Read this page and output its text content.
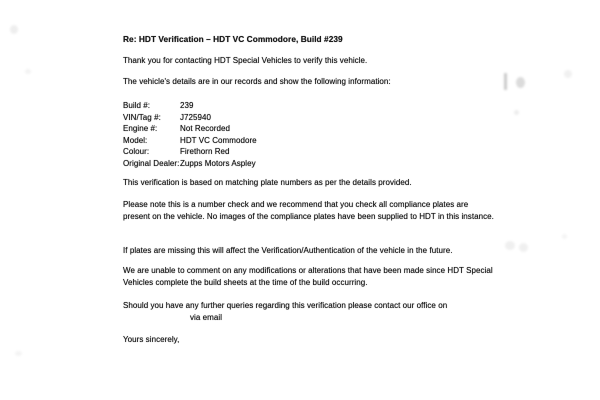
Re: HDT Verification – HDT VC Commodore, Build #239
Thank you for contacting HDT Special Vehicles to verify this vehicle.
The vehicle's details are in our records and show the following information:
Build #:	239
VIN/Tag #:	J725940
Engine #:	Not Recorded
Model:	HDT VC Commodore
Colour:	Firethorn Red
Original Dealer: Zupps Motors Aspley
This verification is based on matching plate numbers as per the details provided.
Please note this is a number check and we recommend that you check all compliance plates are present on the vehicle. No images of the compliance plates have been supplied to HDT in this instance.
If plates are missing this will affect the Verification/Authentication of the vehicle in the future.
We are unable to comment on any modifications or alterations that have been made since HDT Special Vehicles complete the build sheets at the time of the build occurring.
Should you have any further queries regarding this verification please contact our office on
via email
Yours sincerely,
